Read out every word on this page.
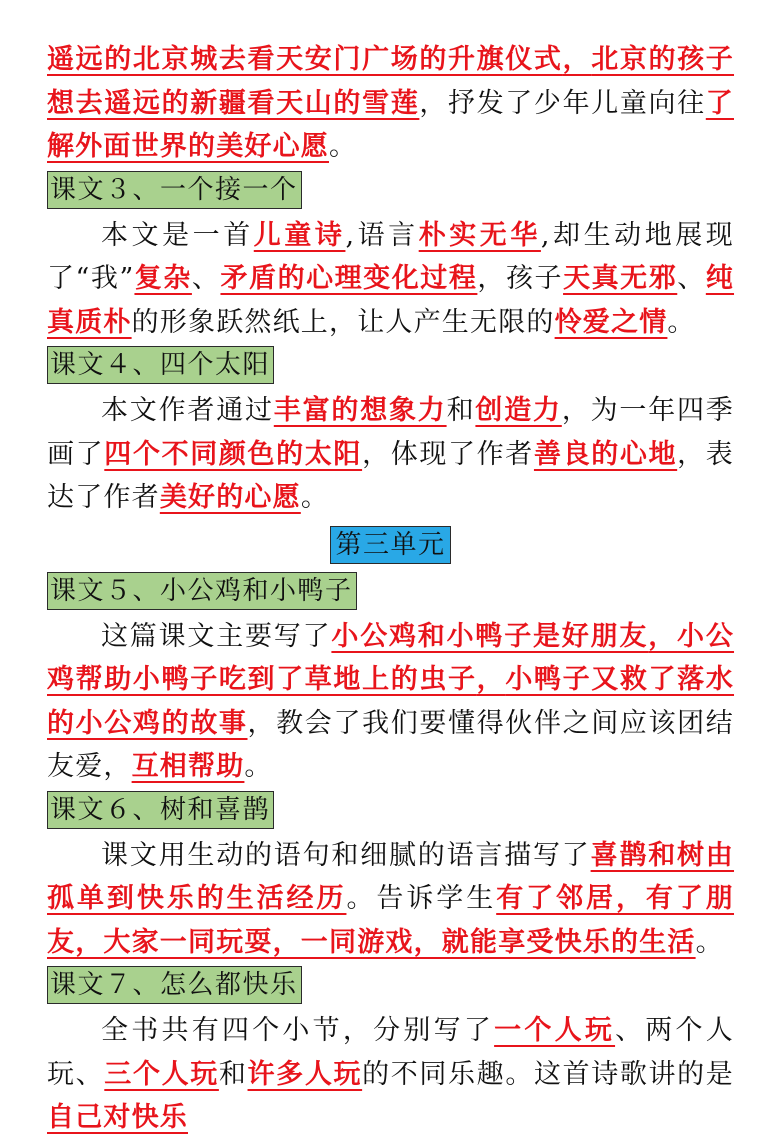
遥远的北京城去看天安门广场的升旗仪式，北京的孩子想去遥远的新疆看天山的雪莲，抒发了少年儿童向往了解外面世界的美好心愿。

课文３、一个接一个

本文是一首儿童诗,语言朴实无华,却生动地展现了“我”复杂、矛盾的心理变化过程，孩子天真无邪、纯真质朴的形象跃然纸上，让人产生无限的怜爱之情。

课文４、四个太阳

本文作者通过丰富的想象力和创造力，为一年四季画了四个不同颜色的太阳，体现了作者善良的心地，表达了作者美好的心愿。

第三单元
课文５、小公鸡和小鸭子

这篇课文主要写了小公鸡和小鸭子是好朋友，小公鸡帮助小鸭子吃到了草地上的虫子，小鸭子又救了落水的小公鸡的故事，教会了我们要懂得伙伴之间应该团结友爱，互相帮助。

课文６、树和喜鹊

课文用生动的语句和细腻的语言描写了喜鹊和树由孤单到快乐的生活经历。告诉学生有了邻居，有了朋友，大家一同玩耍，一同游戏，就能享受快乐的生活。

课文７、怎么都快乐

全书共有四个小节，分别写了一个人玩、两个人玩、三个人玩和许多人玩的不同乐趣。这首诗歌讲的是自己对快乐
